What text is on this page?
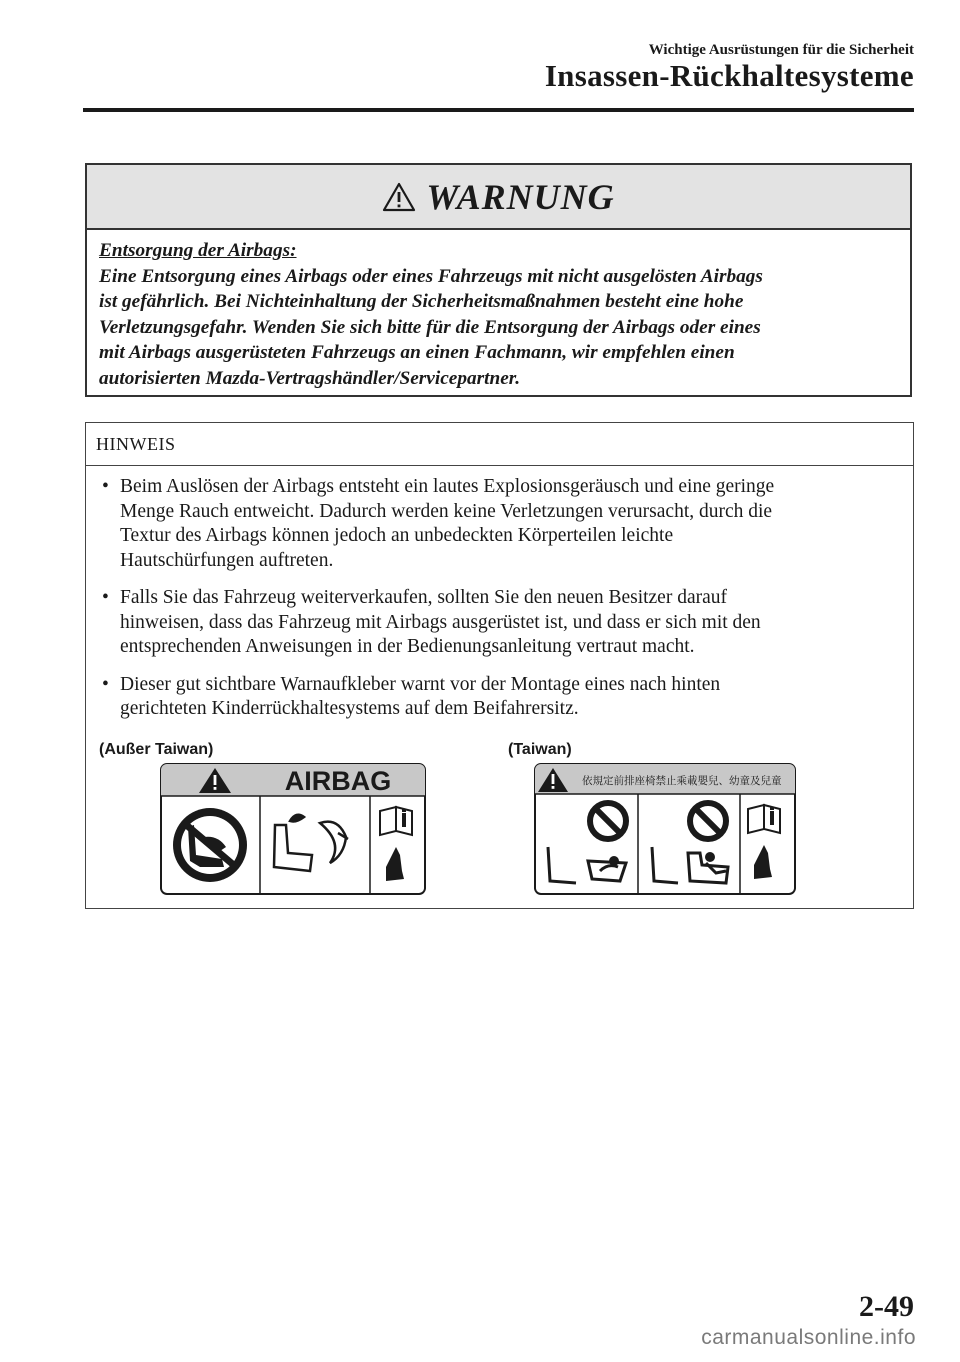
Wichtige Ausrüstungen für die Sicherheit
Insassen-Rückhaltesysteme
WARNUNG
Entsorgung der Airbags:
Eine Entsorgung eines Airbags oder eines Fahrzeugs mit nicht ausgelösten Airbags
ist gefährlich. Bei Nichteinhaltung der Sicherheitsmaßnahmen besteht eine hohe
Verletzungsgefahr. Wenden Sie sich bitte für die Entsorgung der Airbags oder eines
mit Airbags ausgerüsteten Fahrzeugs an einen Fachmann, wir empfehlen einen
autorisierten Mazda-Vertragshändler/Servicepartner.
HINWEIS
• Beim Auslösen der Airbags entsteht ein lautes Explosionsgeräusch und eine geringe
Menge Rauch entweicht. Dadurch werden keine Verletzungen verursacht, durch die
Textur des Airbags können jedoch an unbedeckten Körperteilen leichte
Hautschürfungen auftreten.
• Falls Sie das Fahrzeug weiterverkaufen, sollten Sie den neuen Besitzer darauf
hinweisen, dass das Fahrzeug mit Airbags ausgerüstet ist, und dass er sich mit den
entsprechenden Anweisungen in der Bedienungsanleitung vertraut macht.
• Dieser gut sichtbare Warnaufkleber warnt vor der Montage eines nach hinten
gerichteten Kinderrückhaltesystems auf dem Beifahrersitz.
(Außer Taiwan)	(Taiwan)
AIRBAG	依規定前排座椅禁止乘載嬰兒、幼童及兒童
2-49
carmanualsonline.info
